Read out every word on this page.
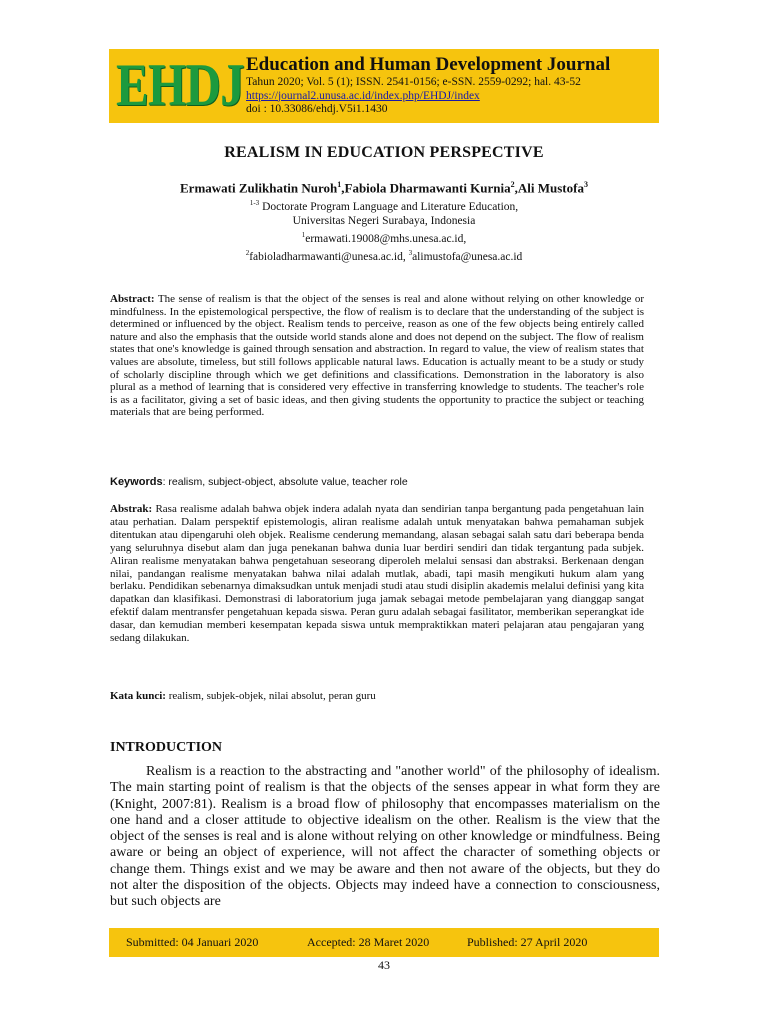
EHDJ Education and Human Development Journal
Tahun 2020; Vol. 5 (1); ISSN. 2541-0156; e-SSN. 2559-0292; hal. 43-52
https://journal2.unusa.ac.id/index.php/EHDJ/index
doi : 10.33086/ehdj.V5i1.1430
REALISM IN EDUCATION PERSPECTIVE
Ermawati Zulikhatin Nuroh$^1$,Fabiola Dharmawanti Kurnia$^2$,Ali Mustofa$^3$
$^{1-3}$ Doctorate Program Language and Literature Education,
Universitas Negeri Surabaya, Indonesia
$^1$ermawati.19008@mhs.unesa.ac.id,
$^2$fabioladharmawanti@unesa.ac.id, $^3$alimustofa@unesa.ac.id
Abstract: The sense of realism is that the object of the senses is real and alone without relying on other knowledge or mindfulness. In the epistemological perspective, the flow of realism is to declare that the understanding of the subject is determined or influenced by the object. Realism tends to perceive, reason as one of the few objects being entirely called nature and also the emphasis that the outside world stands alone and does not depend on the subject. The flow of realism states that one's knowledge is gained through sensation and abstraction. In regard to value, the view of realism states that values are absolute, timeless, but still follows applicable natural laws. Education is actually meant to be a study or study of scholarly discipline through which we get definitions and classifications. Demonstration in the laboratory is also plural as a method of learning that is considered very effective in transferring knowledge to students. The teacher's role is as a facilitator, giving a set of basic ideas, and then giving students the opportunity to practice the subject or teaching materials that are being performed.
Keywords: realism, subject-object, absolute value, teacher role
Abstrak: Rasa realisme adalah bahwa objek indera adalah nyata dan sendirian tanpa bergantung pada pengetahuan lain atau perhatian. Dalam perspektif epistemologis, aliran realisme adalah untuk menyatakan bahwa pemahaman subjek ditentukan atau dipengaruhi oleh objek. Realisme cenderung memandang, alasan sebagai salah satu dari beberapa benda yang seluruhnya disebut alam dan juga penekanan bahwa dunia luar berdiri sendiri dan tidak tergantung pada subjek. Aliran realisme menyatakan bahwa pengetahuan seseorang diperoleh melalui sensasi dan abstraksi. Berkenaan dengan nilai, pandangan realisme menyatakan bahwa nilai adalah mutlak, abadi, tapi masih mengikuti hukum alam yang berlaku. Pendidikan sebenarnya dimaksudkan untuk menjadi studi atau studi disiplin akademis melalui definisi yang kita dapatkan dan klasifikasi. Demonstrasi di laboratorium juga jamak sebagai metode pembelajaran yang dianggap sangat efektif dalam mentransfer pengetahuan kepada siswa. Peran guru adalah sebagai fasilitator, memberikan seperangkat ide dasar, dan kemudian memberi kesempatan kepada siswa untuk mempraktikkan materi pelajaran atau pengajaran yang sedang dilakukan.
Kata kunci: realism, subjek-objek, nilai absolut, peran guru
INTRODUCTION
Realism is a reaction to the abstracting and "another world" of the philosophy of idealism. The main starting point of realism is that the objects of the senses appear in what form they are (Knight, 2007:81). Realism is a broad flow of philosophy that encompasses materialism on the one hand and a closer attitude to objective idealism on the other. Realism is the view that the object of the senses is real and is alone without relying on other knowledge or mindfulness. Being aware or being an object of experience, will not affect the character of something objects or change them. Things exist and we may be aware and then not aware of the objects, but they do not alter the disposition of the objects. Objects may indeed have a connection to consciousness, but such objects are
Submitted: 04 Januari 2020	Accepted: 28 Maret 2020	Published: 27 April 2020
43
